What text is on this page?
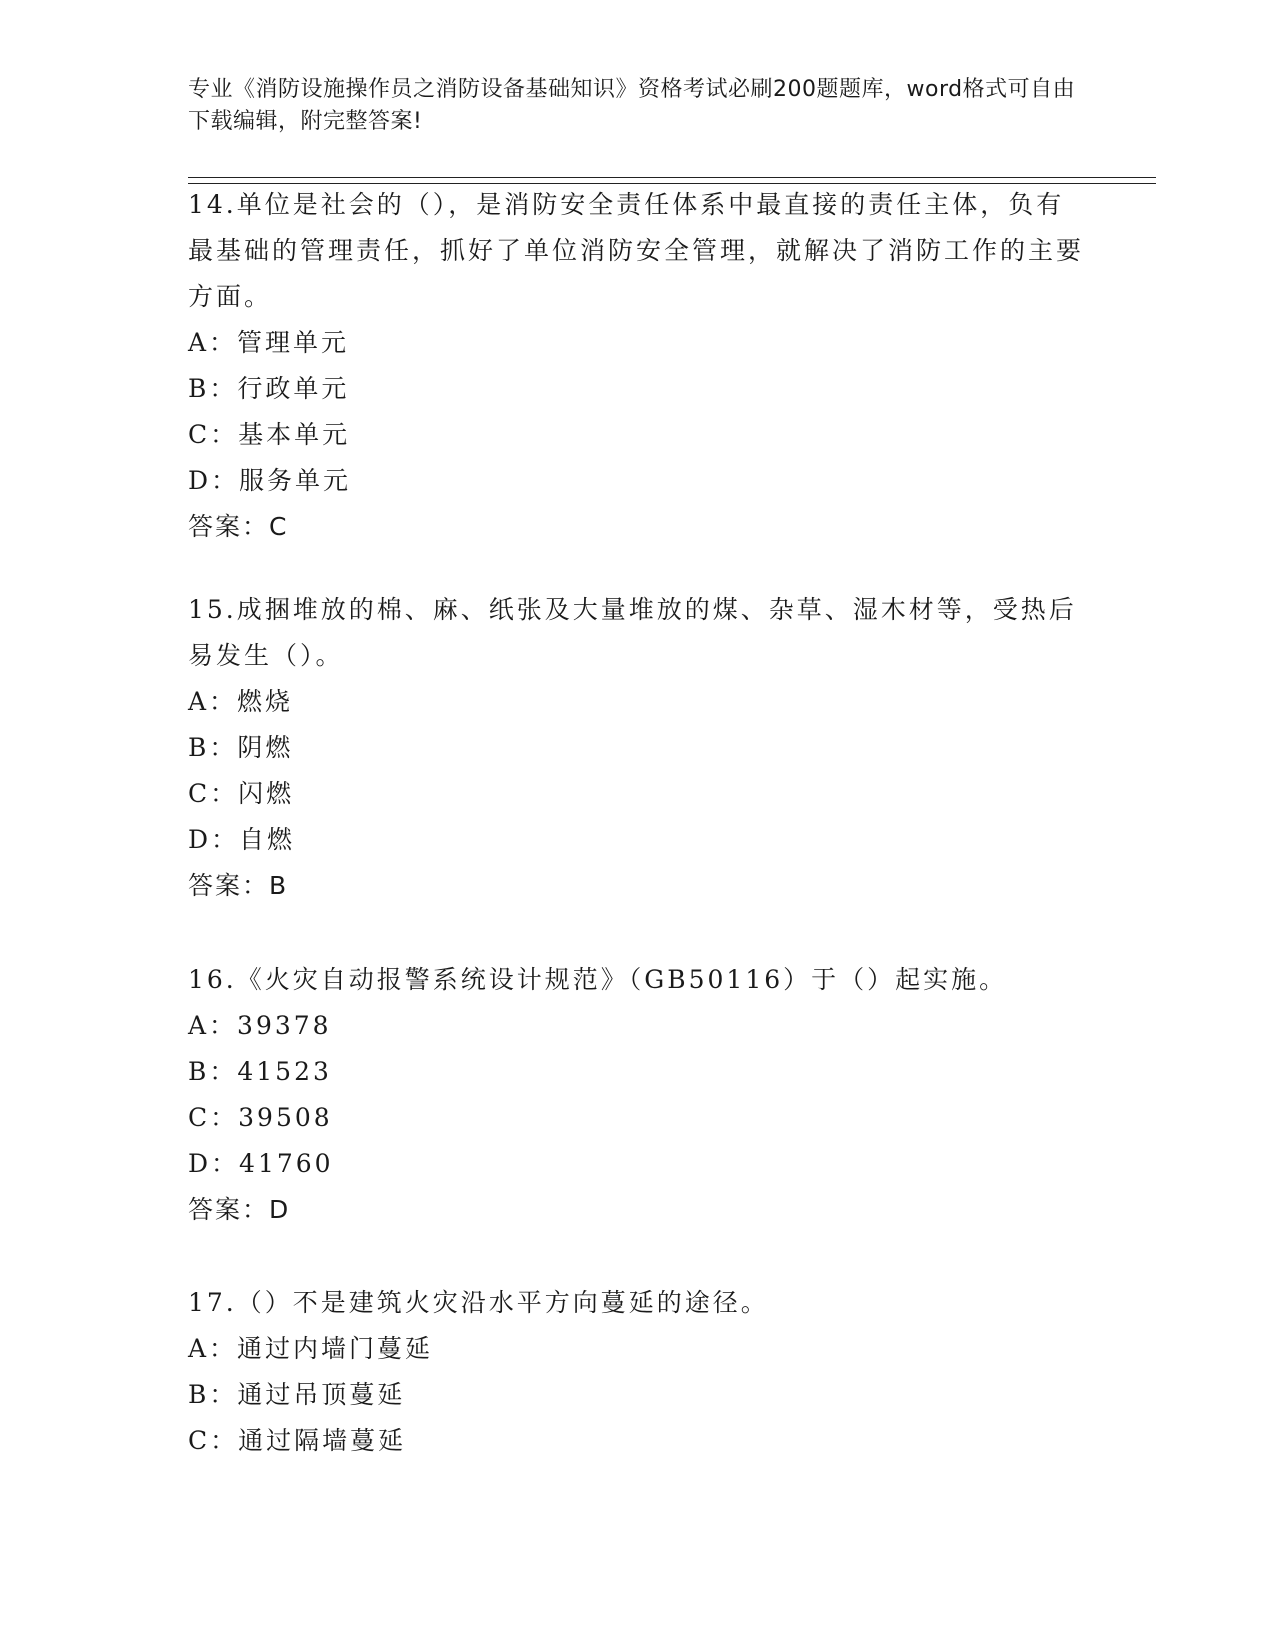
专业《消防设施操作员之消防设备基础知识》资格考试必刷200题题库，word格式可自由下载编辑，附完整答案!

14.单位是社会的（），是消防安全责任体系中最直接的责任主体，负有最基础的管理责任，抓好了单位消防安全管理，就解决了消防工作的主要方面。

A：管理单元

B：行政单元

C：基本单元

D：服务单元

答案：C

15.成捆堆放的棉、麻、纸张及大量堆放的煤、杂草、湿木材等，受热后易发生（）。

A：燃烧

B：阴燃

C：闪燃

D：自燃

答案：B

16.《火灾自动报警系统设计规范》（GB50116）于（）起实施。

A：39378

B：41523

C：39508

D：41760

答案：D

17.（）不是建筑火灾沿水平方向蔓延的途径。

A：通过内墙门蔓延

B：通过吊顶蔓延

C：通过隔墙蔓延
